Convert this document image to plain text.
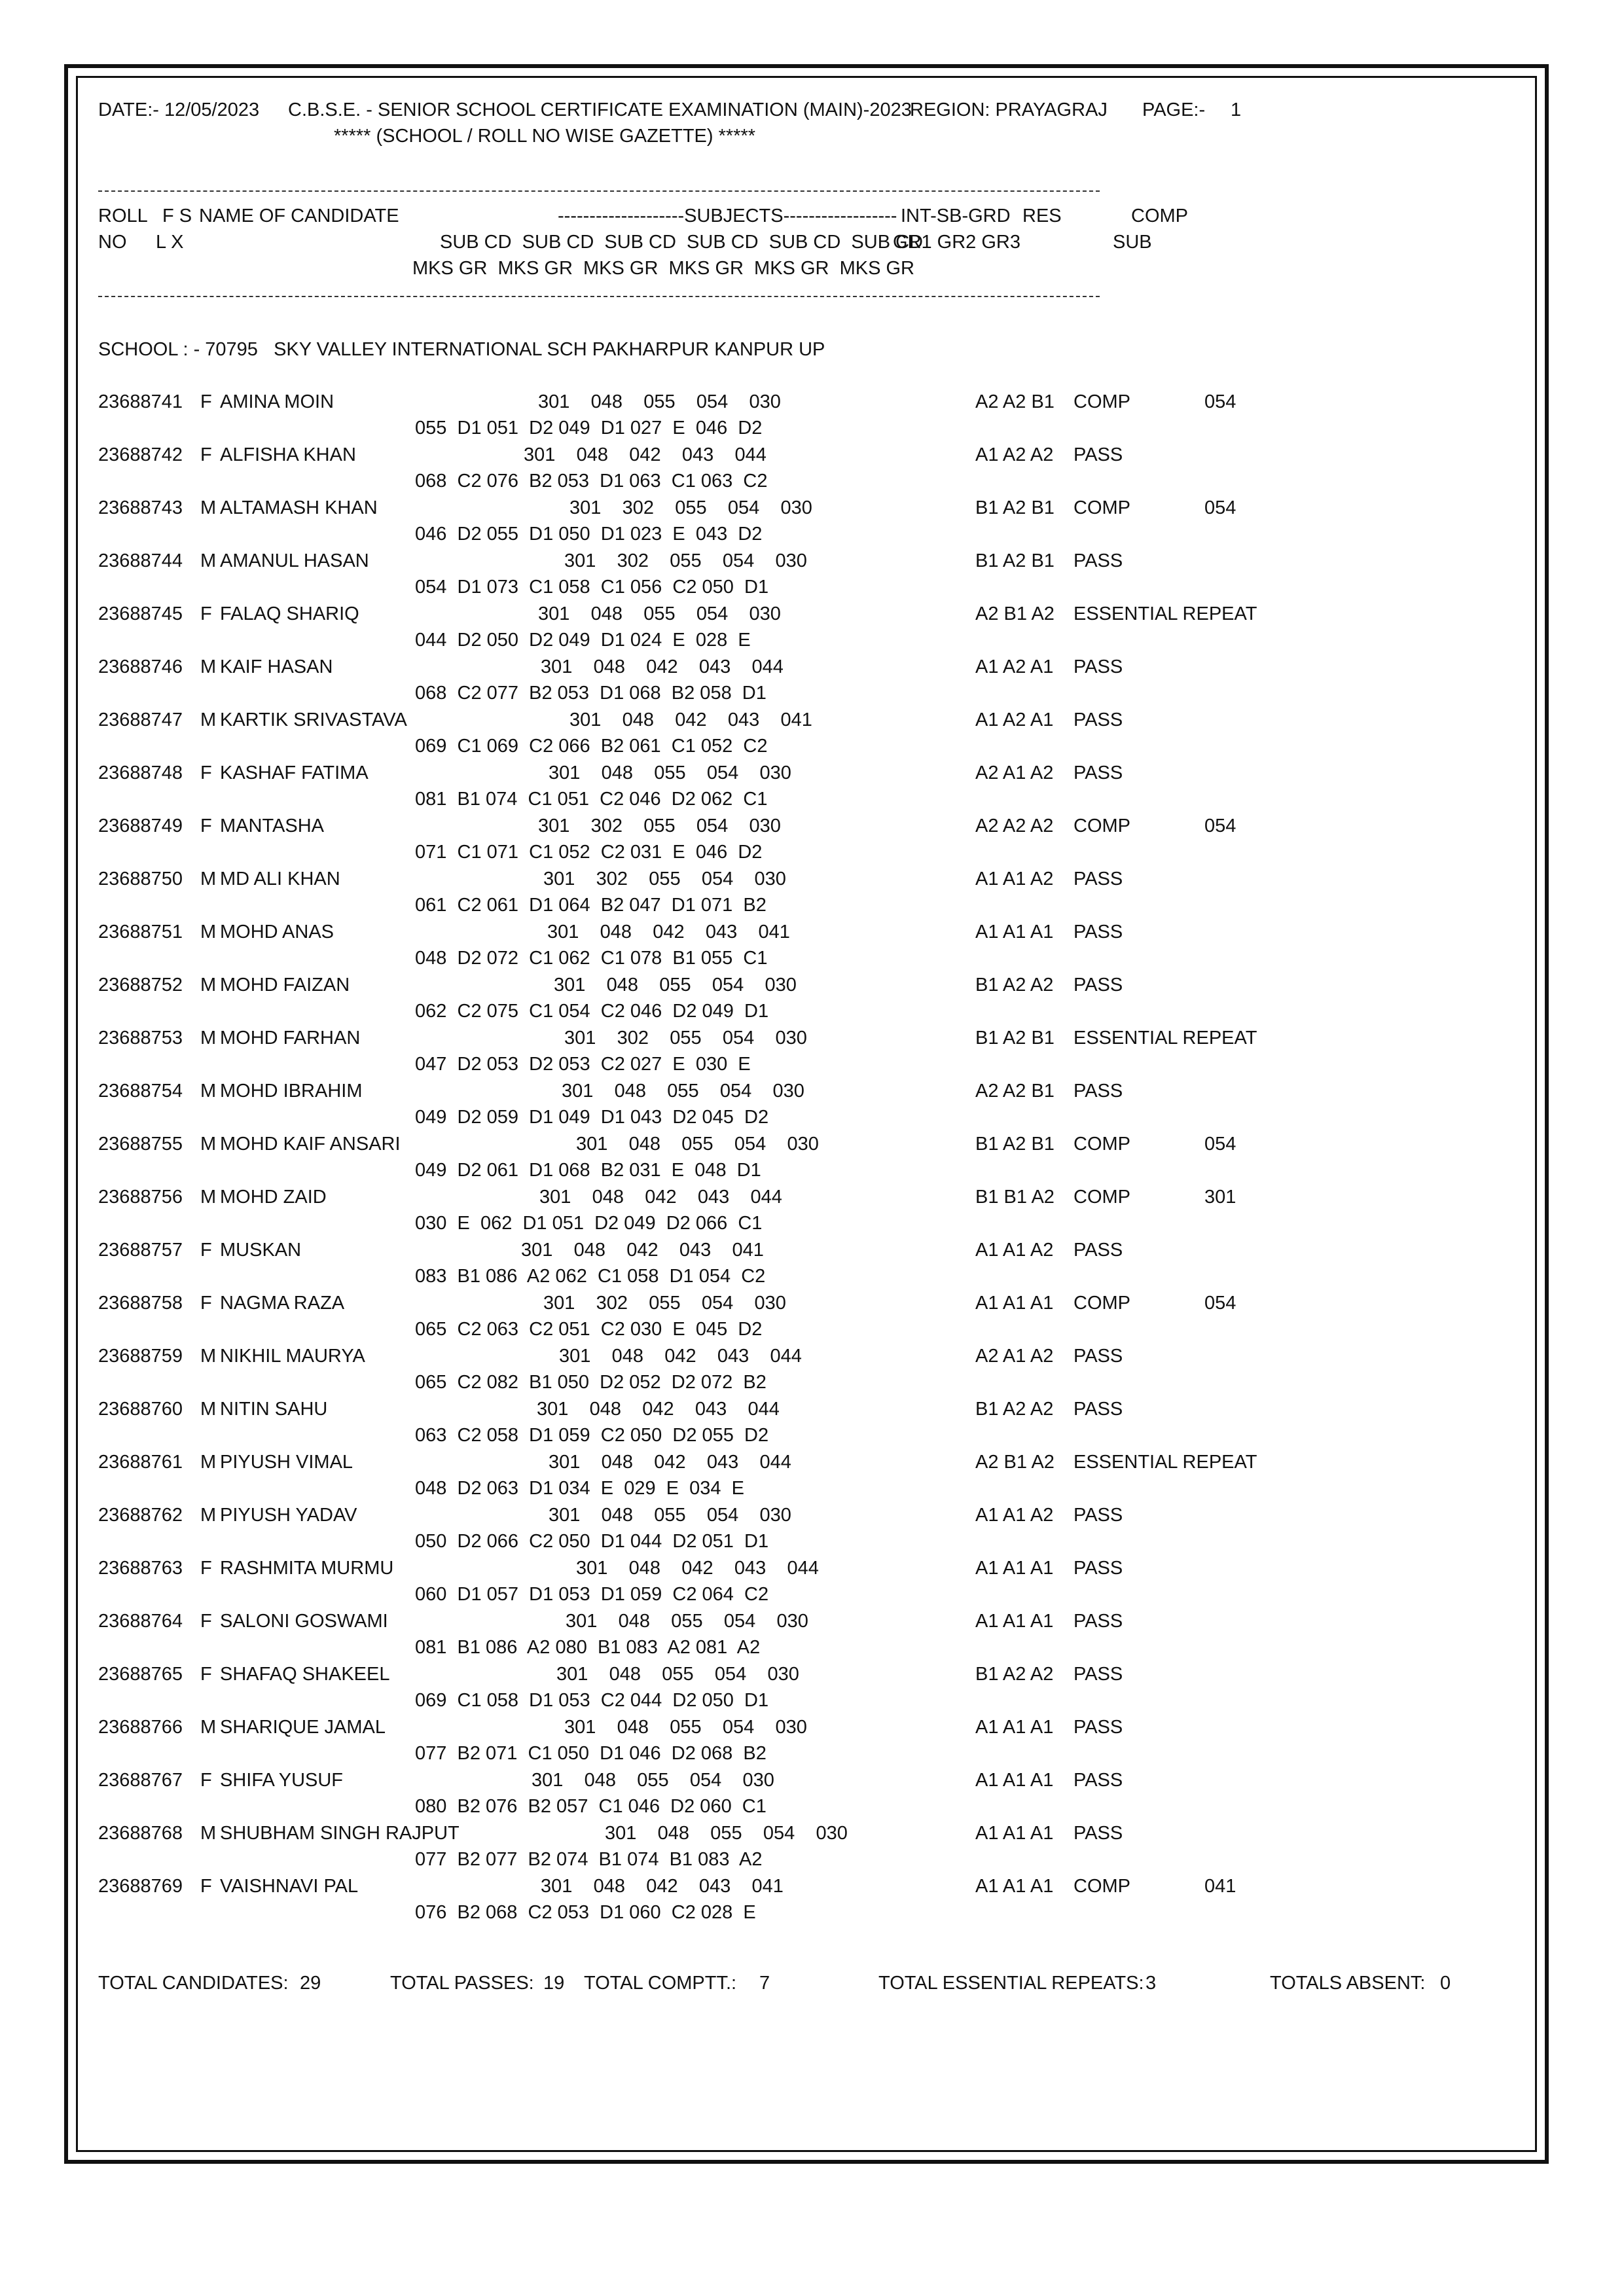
DATE:- 12/05/2023 C.B.S.E. - SENIOR SCHOOL CERTIFICATE EXAMINATION (MAIN)-2023
REGION: PRAYAGRAJ PAGE:- 1
***** (SCHOOL / ROLL NO WISE GAZETTE) *****
ROLL F S NAME OF CANDIDATE	--------------------SUBJECTS------------------ INT-SB-GRD RES	COMP
NO L X	SUB CD  SUB CD  SUB CD  SUB CD  SUB CD  SUB CD
GR1 GR2 GR3	SUB
MKS GR  MKS GR  MKS GR  MKS GR  MKS GR  MKS GR
SCHOOL : - 70795   SKY VALLEY INTERNATIONAL SCH PAKHARPUR KANPUR UP
23688741 F AMINA MOIN	301    048    055    054    030	A2 A2 B1 COMP	054
055  D1 051  D2 049  D1 027  E  046  D2
23688742 F ALFISHA KHAN	301    048    042    043    044	A1 A2 A2 PASS
068  C2 076  B2 053  D1 063  C1 063  C2
23688743 M ALTAMASH KHAN	301    302    055    054    030	B1 A2 B1 COMP	054
046  D2 055  D1 050  D1 023  E  043  D2
23688744 M AMANUL HASAN	301    302    055    054    030	B1 A2 B1 PASS
054  D1 073  C1 058  C1 056  C2 050  D1
23688745 F FALAQ SHARIQ	301    048    055    054    030	A2 B1 A2 ESSENTIAL REPEAT
044  D2 050  D2 049  D1 024  E  028  E
23688746 M KAIF HASAN	301    048    042    043    044	A1 A2 A1 PASS
068  C2 077  B2 053  D1 068  B2 058  D1
23688747 M KARTIK SRIVASTAVA	301    048    042    043    041	A1 A2 A1 PASS
069  C1 069  C2 066  B2 061  C1 052  C2
23688748 F KASHAF FATIMA	301    048    055    054    030	A2 A1 A2 PASS
081  B1 074  C1 051  C2 046  D2 062  C1
23688749 F MANTASHA	301    302    055    054    030	A2 A2 A2 COMP	054
071  C1 071  C1 052  C2 031  E  046  D2
23688750 M MD ALI KHAN	301    302    055    054    030	A1 A1 A2 PASS
061  C2 061  D1 064  B2 047  D1 071  B2
23688751 M MOHD ANAS	301    048    042    043    041	A1 A1 A1 PASS
048  D2 072  C1 062  C1 078  B1 055  C1
23688752 M MOHD FAIZAN	301    048    055    054    030	B1 A2 A2 PASS
062  C2 075  C1 054  C2 046  D2 049  D1
23688753 M MOHD FARHAN	301    302    055    054    030	B1 A2 B1 ESSENTIAL REPEAT
047  D2 053  D2 053  C2 027  E  030  E
23688754 M MOHD IBRAHIM	301    048    055    054    030	A2 A2 B1 PASS
049  D2 059  D1 049  D1 043  D2 045  D2
23688755 M MOHD KAIF ANSARI	301    048    055    054    030	B1 A2 B1 COMP	054
049  D2 061  D1 068  B2 031  E  048  D1
23688756 M MOHD ZAID	301    048    042    043    044	B1 B1 A2 COMP	301
030  E  062  D1 051  D2 049  D2 066  C1
23688757 F MUSKAN	301    048    042    043    041	A1 A1 A2 PASS
083  B1 086  A2 062  C1 058  D1 054  C2
23688758 F NAGMA RAZA	301    302    055    054    030	A1 A1 A1 COMP	054
065  C2 063  C2 051  C2 030  E  045  D2
23688759 M NIKHIL MAURYA	301    048    042    043    044	A2 A1 A2 PASS
065  C2 082  B1 050  D2 052  D2 072  B2
23688760 M NITIN SAHU	301    048    042    043    044	B1 A2 A2 PASS
063  C2 058  D1 059  C2 050  D2 055  D2
23688761 M PIYUSH VIMAL	301    048    042    043    044	A2 B1 A2 ESSENTIAL REPEAT
048  D2 063  D1 034  E  029  E  034  E
23688762 M PIYUSH YADAV	301    048    055    054    030	A1 A1 A2 PASS
050  D2 066  C2 050  D1 044  D2 051  D1
23688763 F RASHMITA MURMU	301    048    042    043    044	A1 A1 A1 PASS
060  D1 057  D1 053  D1 059  C2 064  C2
23688764 F SALONI GOSWAMI	301    048    055    054    030	A1 A1 A1 PASS
081  B1 086  A2 080  B1 083  A2 081  A2
23688765 F SHAFAQ SHAKEEL	301    048    055    054    030	B1 A2 A2 PASS
069  C1 058  D1 053  C2 044  D2 050  D1
23688766 M SHARIQUE JAMAL	301    048    055    054    030	A1 A1 A1 PASS
077  B2 071  C1 050  D1 046  D2 068  B2
23688767 F SHIFA YUSUF	301    048    055    054    030	A1 A1 A1 PASS
080  B2 076  B2 057  C1 046  D2 060  C1
23688768 M SHUBHAM SINGH RAJPUT	301    048    055    054    030	A1 A1 A1 PASS
077  B2 077  B2 074  B1 074  B1 083  A2
23688769 F VAISHNAVI PAL	301    048    042    043    041	A1 A1 A1 COMP	041
076  B2 068  C2 053  D1 060  C2 028  E
TOTAL CANDIDATES: 29	TOTAL PASSES: 19 TOTAL COMPTT.: 7	TOTAL ESSENTIAL REPEATS: 3	TOTALS ABSENT: 0
